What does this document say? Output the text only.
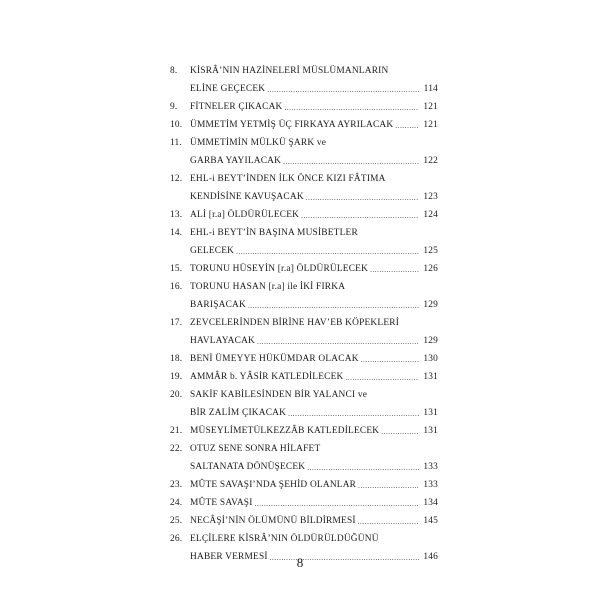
8.	KİSRÂ’NIN HAZİNELERİ MÜSLÜMANLARIN
ELİNE GEÇECEK .....	114
9.	FİTNELER ÇIKACAK .....	121
10. ÜMMETİM YETMİŞ ÜÇ FIRKAYA AYRILACAK .....	121
11. ÜMMETİMİN MÜLKÜ ŞARK ve
GARBA YAYILACAK .....	122
12. EHL-i BEYT’İNDEN İLK ÖNCE KIZI FÂTIMA
KENDİSİNE KAVUŞACAK .....	123
13. ALİ [r.a] ÖLDÜRÜLECEK .....	124
14. EHL-i BEYT’İN BAŞINA MUSİBETLER
GELECEK .....	125
15. TORUNU HÜSEYİN [r.a] ÖLDÜRÜLECEK .....	126
16. TORUNU HASAN [r.a] ile İKİ FIRKA
BARIŞACAK .....	129
17. ZEVCELERİNDEN BİRİNE HAV’EB KÖPEKLERİ
HAVLAYACAK .....	129
18. BENİ ÜMEYYE HÜKÜMDAR OLACAK .....	130
19. AMMÂR b. YÂSİR KATLEDİLECEK .....	131
20. SAKİF KABİLESİNDEN BİR YALANCI ve
BİR ZALİM ÇIKACAK .....	131
21. MÜSEYLİMETÜLKEZZÂB KATLEDİLECEK .....	131
22. OTUZ SENE SONRA HİLAFET
SALTANATA DÖNÜŞECEK .....	133
23. MÛTE SAVAŞI’NDA ŞEHİD OLANLAR .....	133
24. MÛTE SAVAŞI .....	134
25. NECÂŞİ’NİN ÖLÜMÜNÜ BİLDİRMESİ .....	145
26. ELÇİLERE KİSRÂ’NIN ÖLDÜRÜLDÜĞÜNÜ
HABER VERMESİ .....	146
8
